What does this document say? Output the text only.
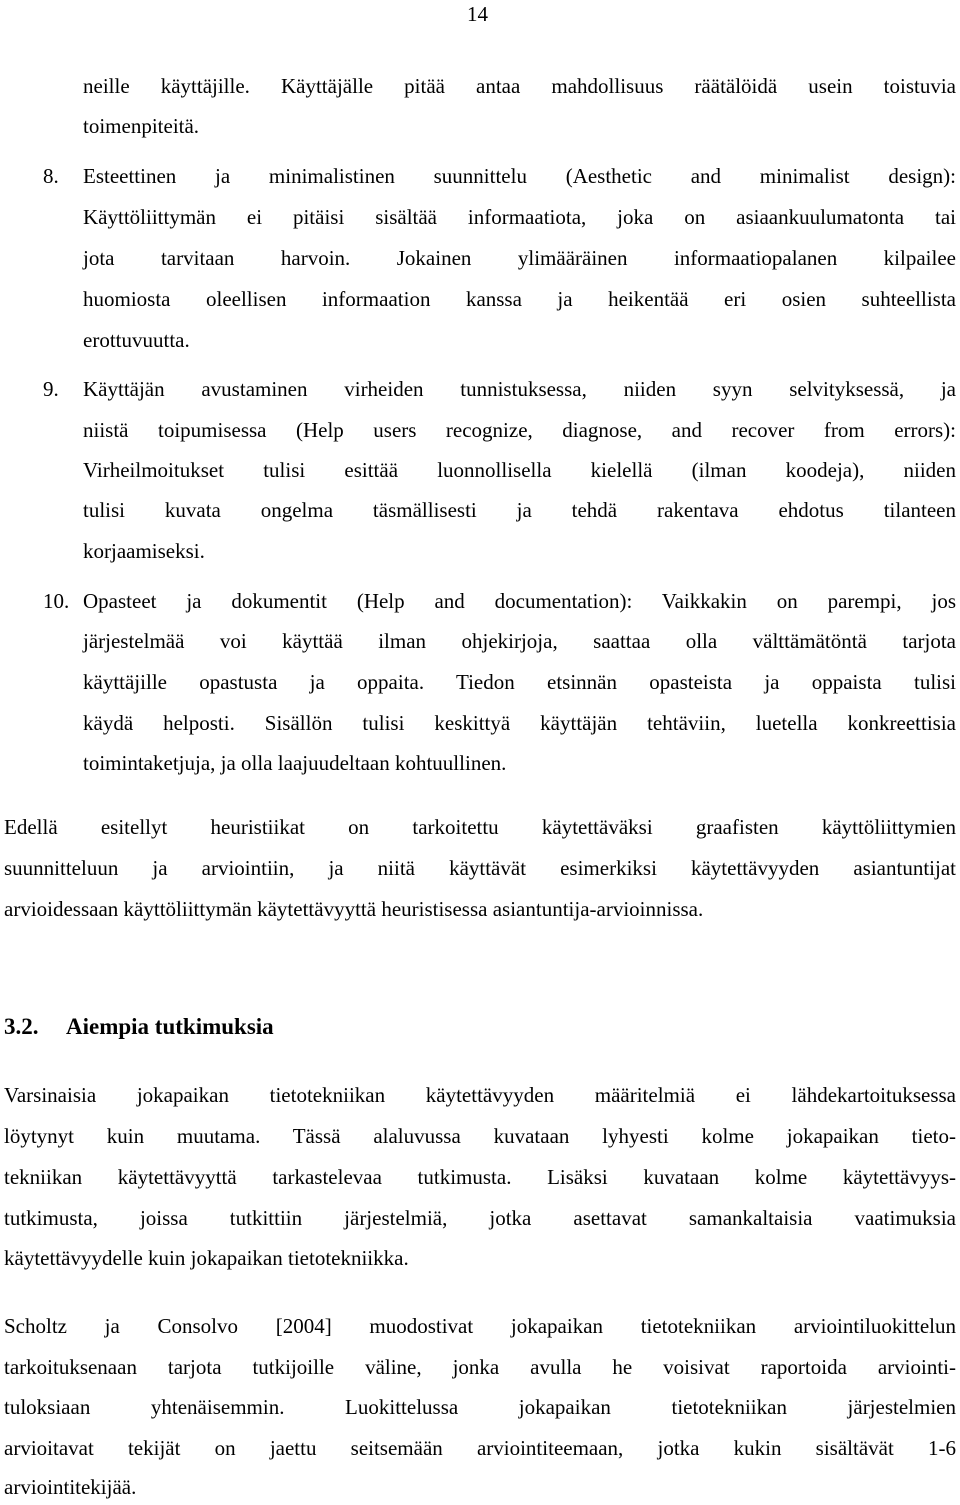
14
neille käyttäjille. Käyttäjälle pitää antaa mahdollisuus räätälöidä usein toistuvia
toimenpiteitä.
8. Esteettinen ja minimalistinen suunnittelu (Aesthetic and minimalist design):
Käyttöliittymän ei pitäisi sisältää informaatiota, joka on asiaankuulumatonta tai
jota tarvitaan harvoin. Jokainen ylimääräinen informaatiopalanen kilpailee
huomiosta oleellisen informaation kanssa ja heikentää eri osien suhteellista
erottuvuutta.
9. Käyttäjän avustaminen virheiden tunnistuksessa, niiden syyn selvityksessä, ja
niistä toipumisessa (Help users recognize, diagnose, and recover from errors):
Virheilmoitukset tulisi esittää luonnollisella kielellä (ilman koodeja), niiden
tulisi kuvata ongelma täsmällisesti ja tehdä rakentava ehdotus tilanteen
korjaamiseksi.
10. Opasteet ja dokumentit (Help and documentation): Vaikkakin on parempi, jos
järjestelmää voi käyttää ilman ohjekirjoja, saattaa olla välttämätöntä tarjota
käyttäjille opastusta ja oppaita. Tiedon etsinnän opasteista ja oppaista tulisi
käydä helposti. Sisällön tulisi keskittyä käyttäjän tehtäviin, luetella konkreettisia
toimintaketjuja, ja olla laajuudeltaan kohtuullinen.
Edellä esitellyt heuristiikat on tarkoitettu käytettäväksi graafisten käyttöliittymien
suunnitteluun ja arviointiin, ja niitä käyttävät esimerkiksi käytettävyyden asiantuntijat
arvioidessaan käyttöliittymän käytettävyyttä heuristisessa asiantuntija-arvioinnissa.
3.2. Aiempia tutkimuksia
Varsinaisia jokapaikan tietotekniikan käytettävyyden määritelmiä ei lähdekartoituksessa
löytynyt kuin muutama. Tässä alaluvussa kuvataan lyhyesti kolme jokapaikan tieto-
tekniikan käytettävyyttä tarkastelevaa tutkimusta. Lisäksi kuvataan kolme käytettävyys-
tutkimusta, joissa tutkittiin järjestelmiä, jotka asettavat samankaltaisia vaatimuksia
käytettävyydelle kuin jokapaikan tietotekniikka.
Scholtz ja Consolvo [2004] muodostivat jokapaikan tietotekniikan arviointiluokittelun
tarkoituksenaan tarjota tutkijoille väline, jonka avulla he voisivat raportoida arviointi-
tuloksiaan yhtenäisemmin. Luokittelussa jokapaikan tietotekniikan järjestelmien
arvioitavat tekijät on jaettu seitsemään arviointiteemaan, jotka kukin sisältävät 1-6
arviointitekijää.
